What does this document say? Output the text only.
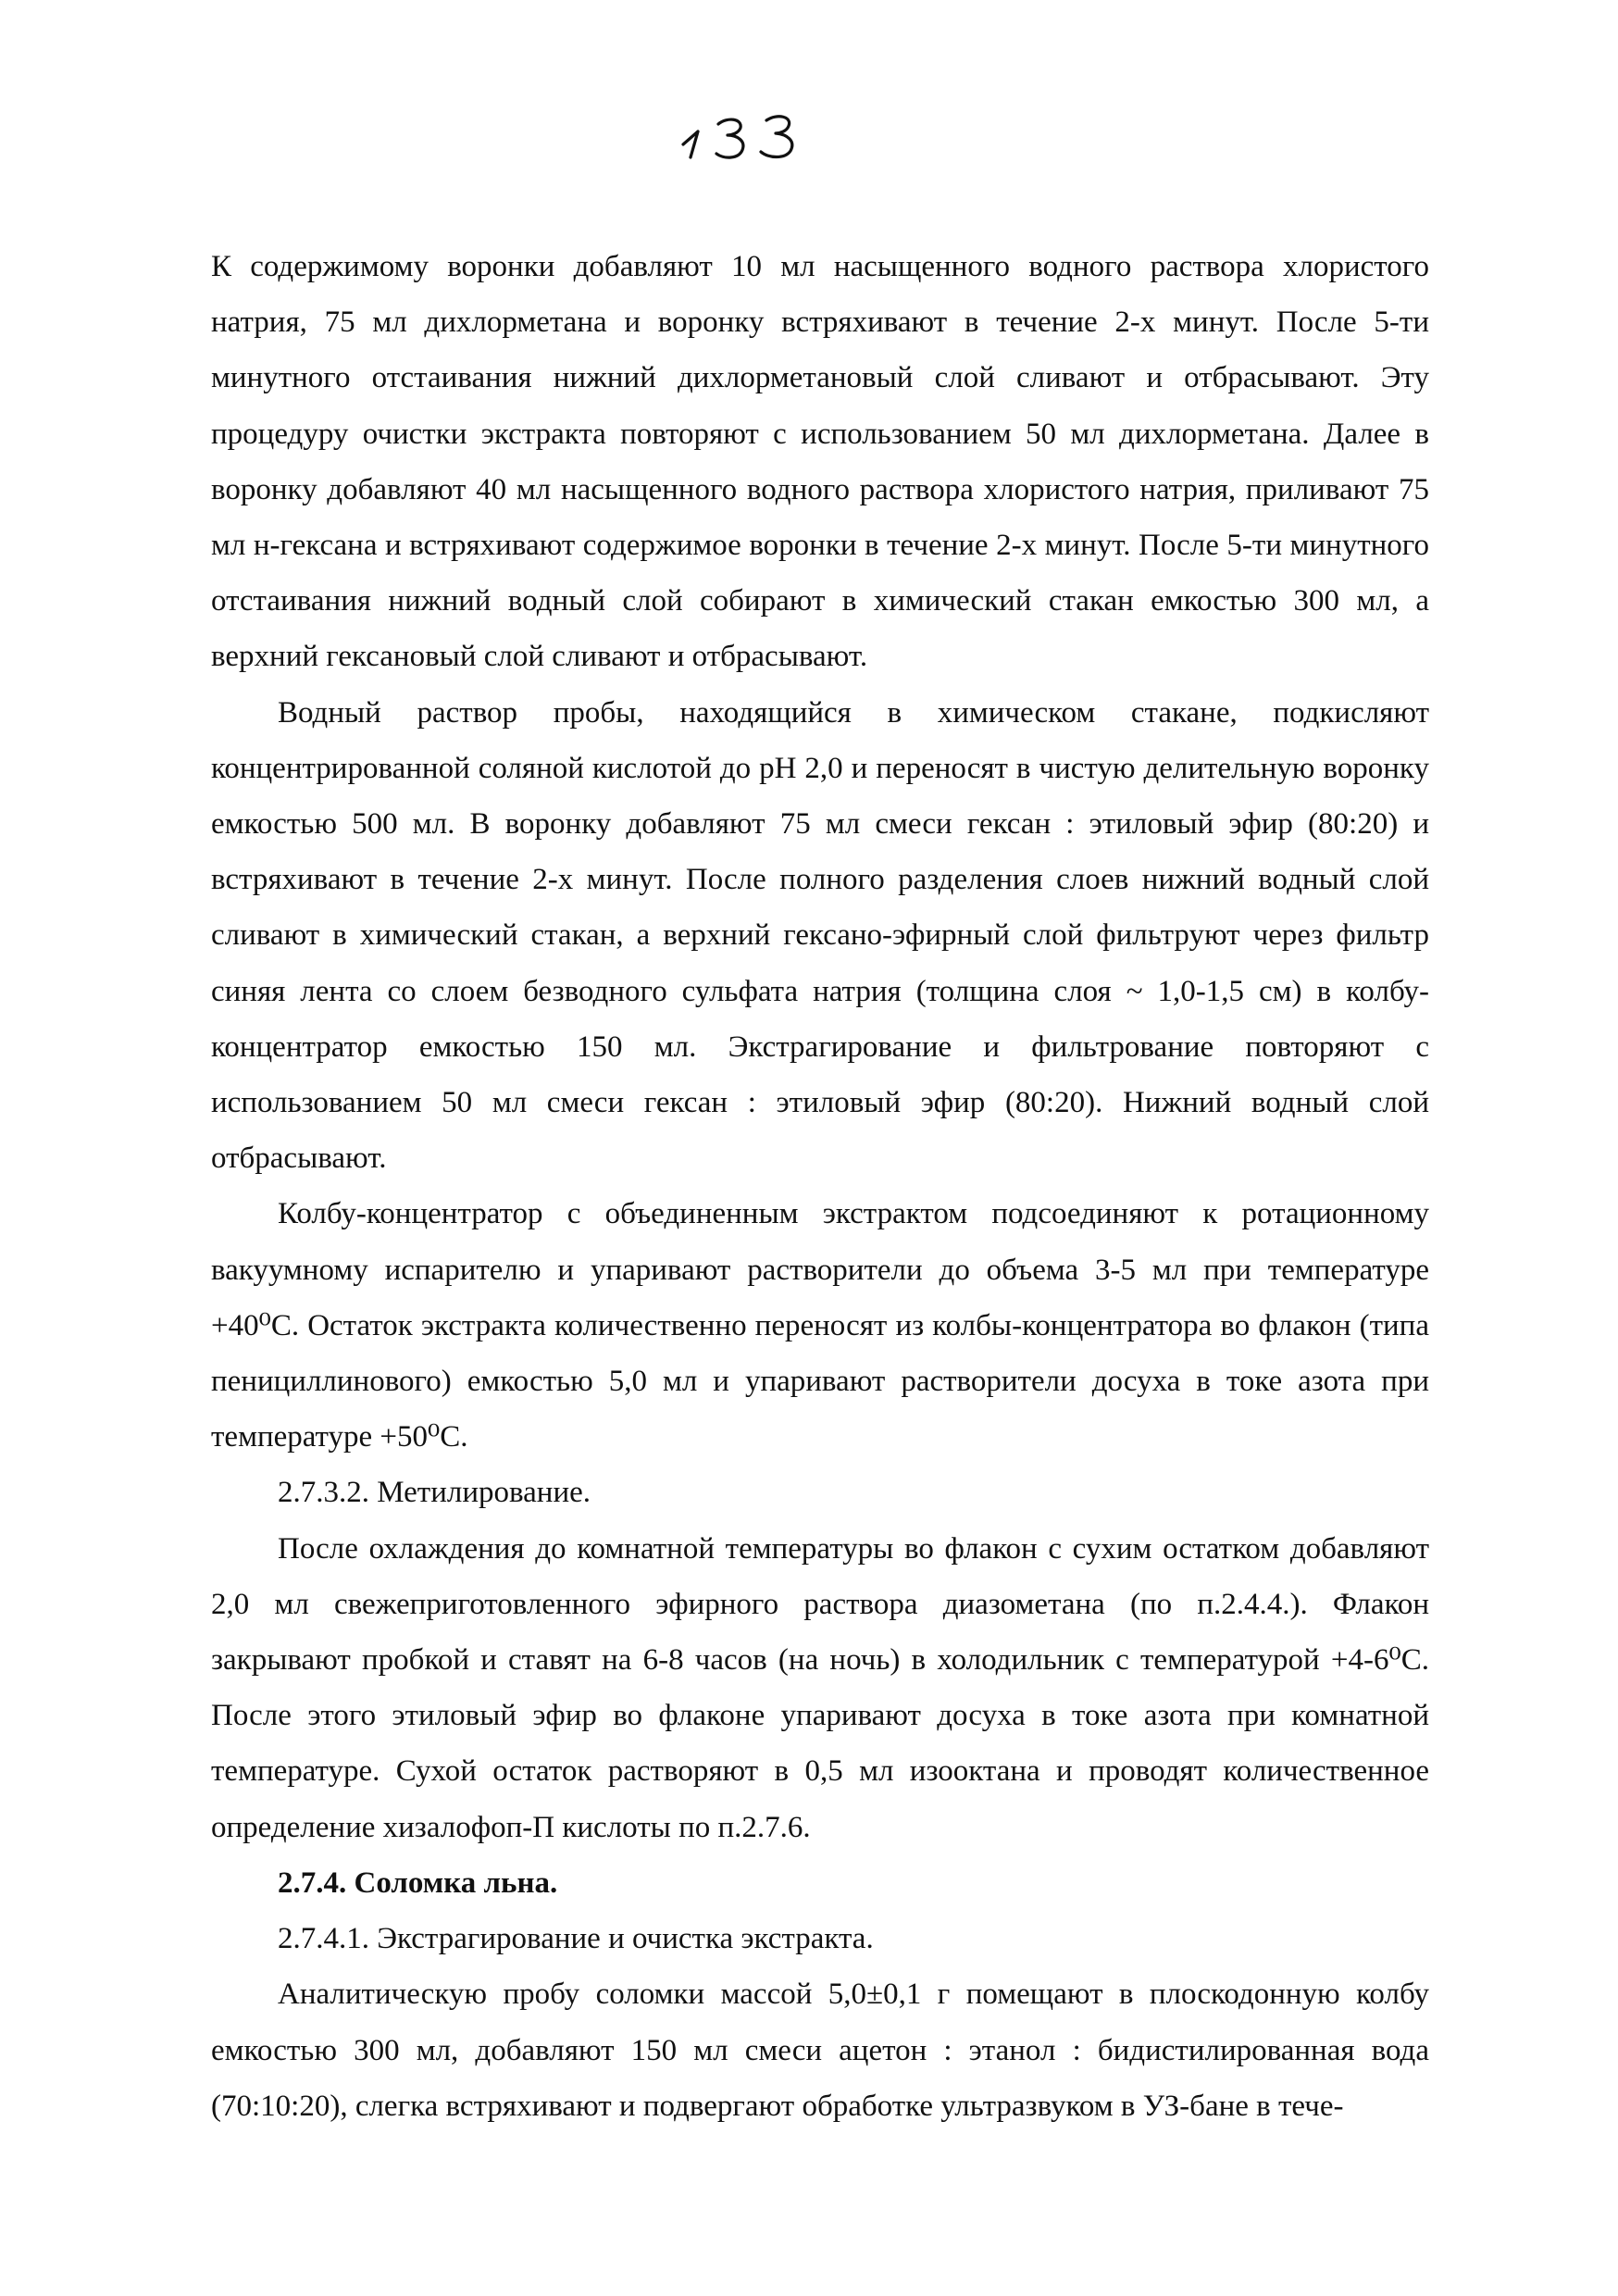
К содержимому воронки добавляют 10 мл насыщенного водного раствора хлористого натрия, 75 мл дихлорметана и воронку встряхивают в течение 2-х минут. После 5-ти минутного отстаивания нижний дихлорметановый слой сливают и отбрасывают. Эту процедуру очистки экстракта повторяют с использованием 50 мл дихлорметана. Далее в воронку добавляют 40 мл насыщенного водного раствора хлористого натрия, приливают 75 мл н-гексана и встряхивают содержимое воронки в течение 2-х минут. После 5-ти минутного отстаивания нижний водный слой собирают в химический стакан емкостью 300 мл, а верхний гексановый слой сливают и отбрасывают.

Водный раствор пробы, находящийся в химическом стакане, подкисляют концентрированной соляной кислотой до pH 2,0 и переносят в чистую делительную воронку емкостью 500 мл. В воронку добавляют 75 мл смеси гексан : этиловый эфир (80:20) и встряхивают в течение 2-х минут. После полного разделения слоев нижний водный слой сливают в химический стакан, а верхний гексано-эфирный слой фильтруют через фильтр синяя лента со слоем безводного сульфата натрия (толщина слоя ~ 1,0-1,5 см) в колбу-концентратор емкостью 150 мл. Экстрагирование и фильтрование повторяют с использованием 50 мл смеси гексан : этиловый эфир (80:20). Нижний водный слой отбрасывают.

Колбу-концентратор с объединенным экстрактом подсоединяют к ротационному вакуумному испарителю и упаривают растворители до объема 3-5 мл при температуре +40⁰С. Остаток экстракта количественно переносят из колбы-концентратора во флакон (типа пенициллинового) емкостью 5,0 мл и упаривают растворители досуха в токе азота при температуре +50⁰С.

2.7.3.2. Метилирование.

После охлаждения до комнатной температуры во флакон с сухим остатком добавляют 2,0 мл свежеприготовленного эфирного раствора диазометана (по п.2.4.4.). Флакон закрывают пробкой и ставят на 6-8 часов (на ночь) в холодильник с температурой +4-6⁰С. После этого этиловый эфир во флаконе упаривают досуха в токе азота при комнатной температуре. Сухой остаток растворяют в 0,5 мл изооктана и проводят количественное определение хизалофоп-П кислоты по п.2.7.6.

2.7.4. Соломка льна.

2.7.4.1. Экстрагирование и очистка экстракта.

Аналитическую пробу соломки массой 5,0±0,1 г помещают в плоскодонную колбу емкостью 300 мл, добавляют 150 мл смеси ацетон : этанол : бидистилированная вода (70:10:20), слегка встряхивают и подвергают обработке ультразвуком в УЗ-бане в тече-
